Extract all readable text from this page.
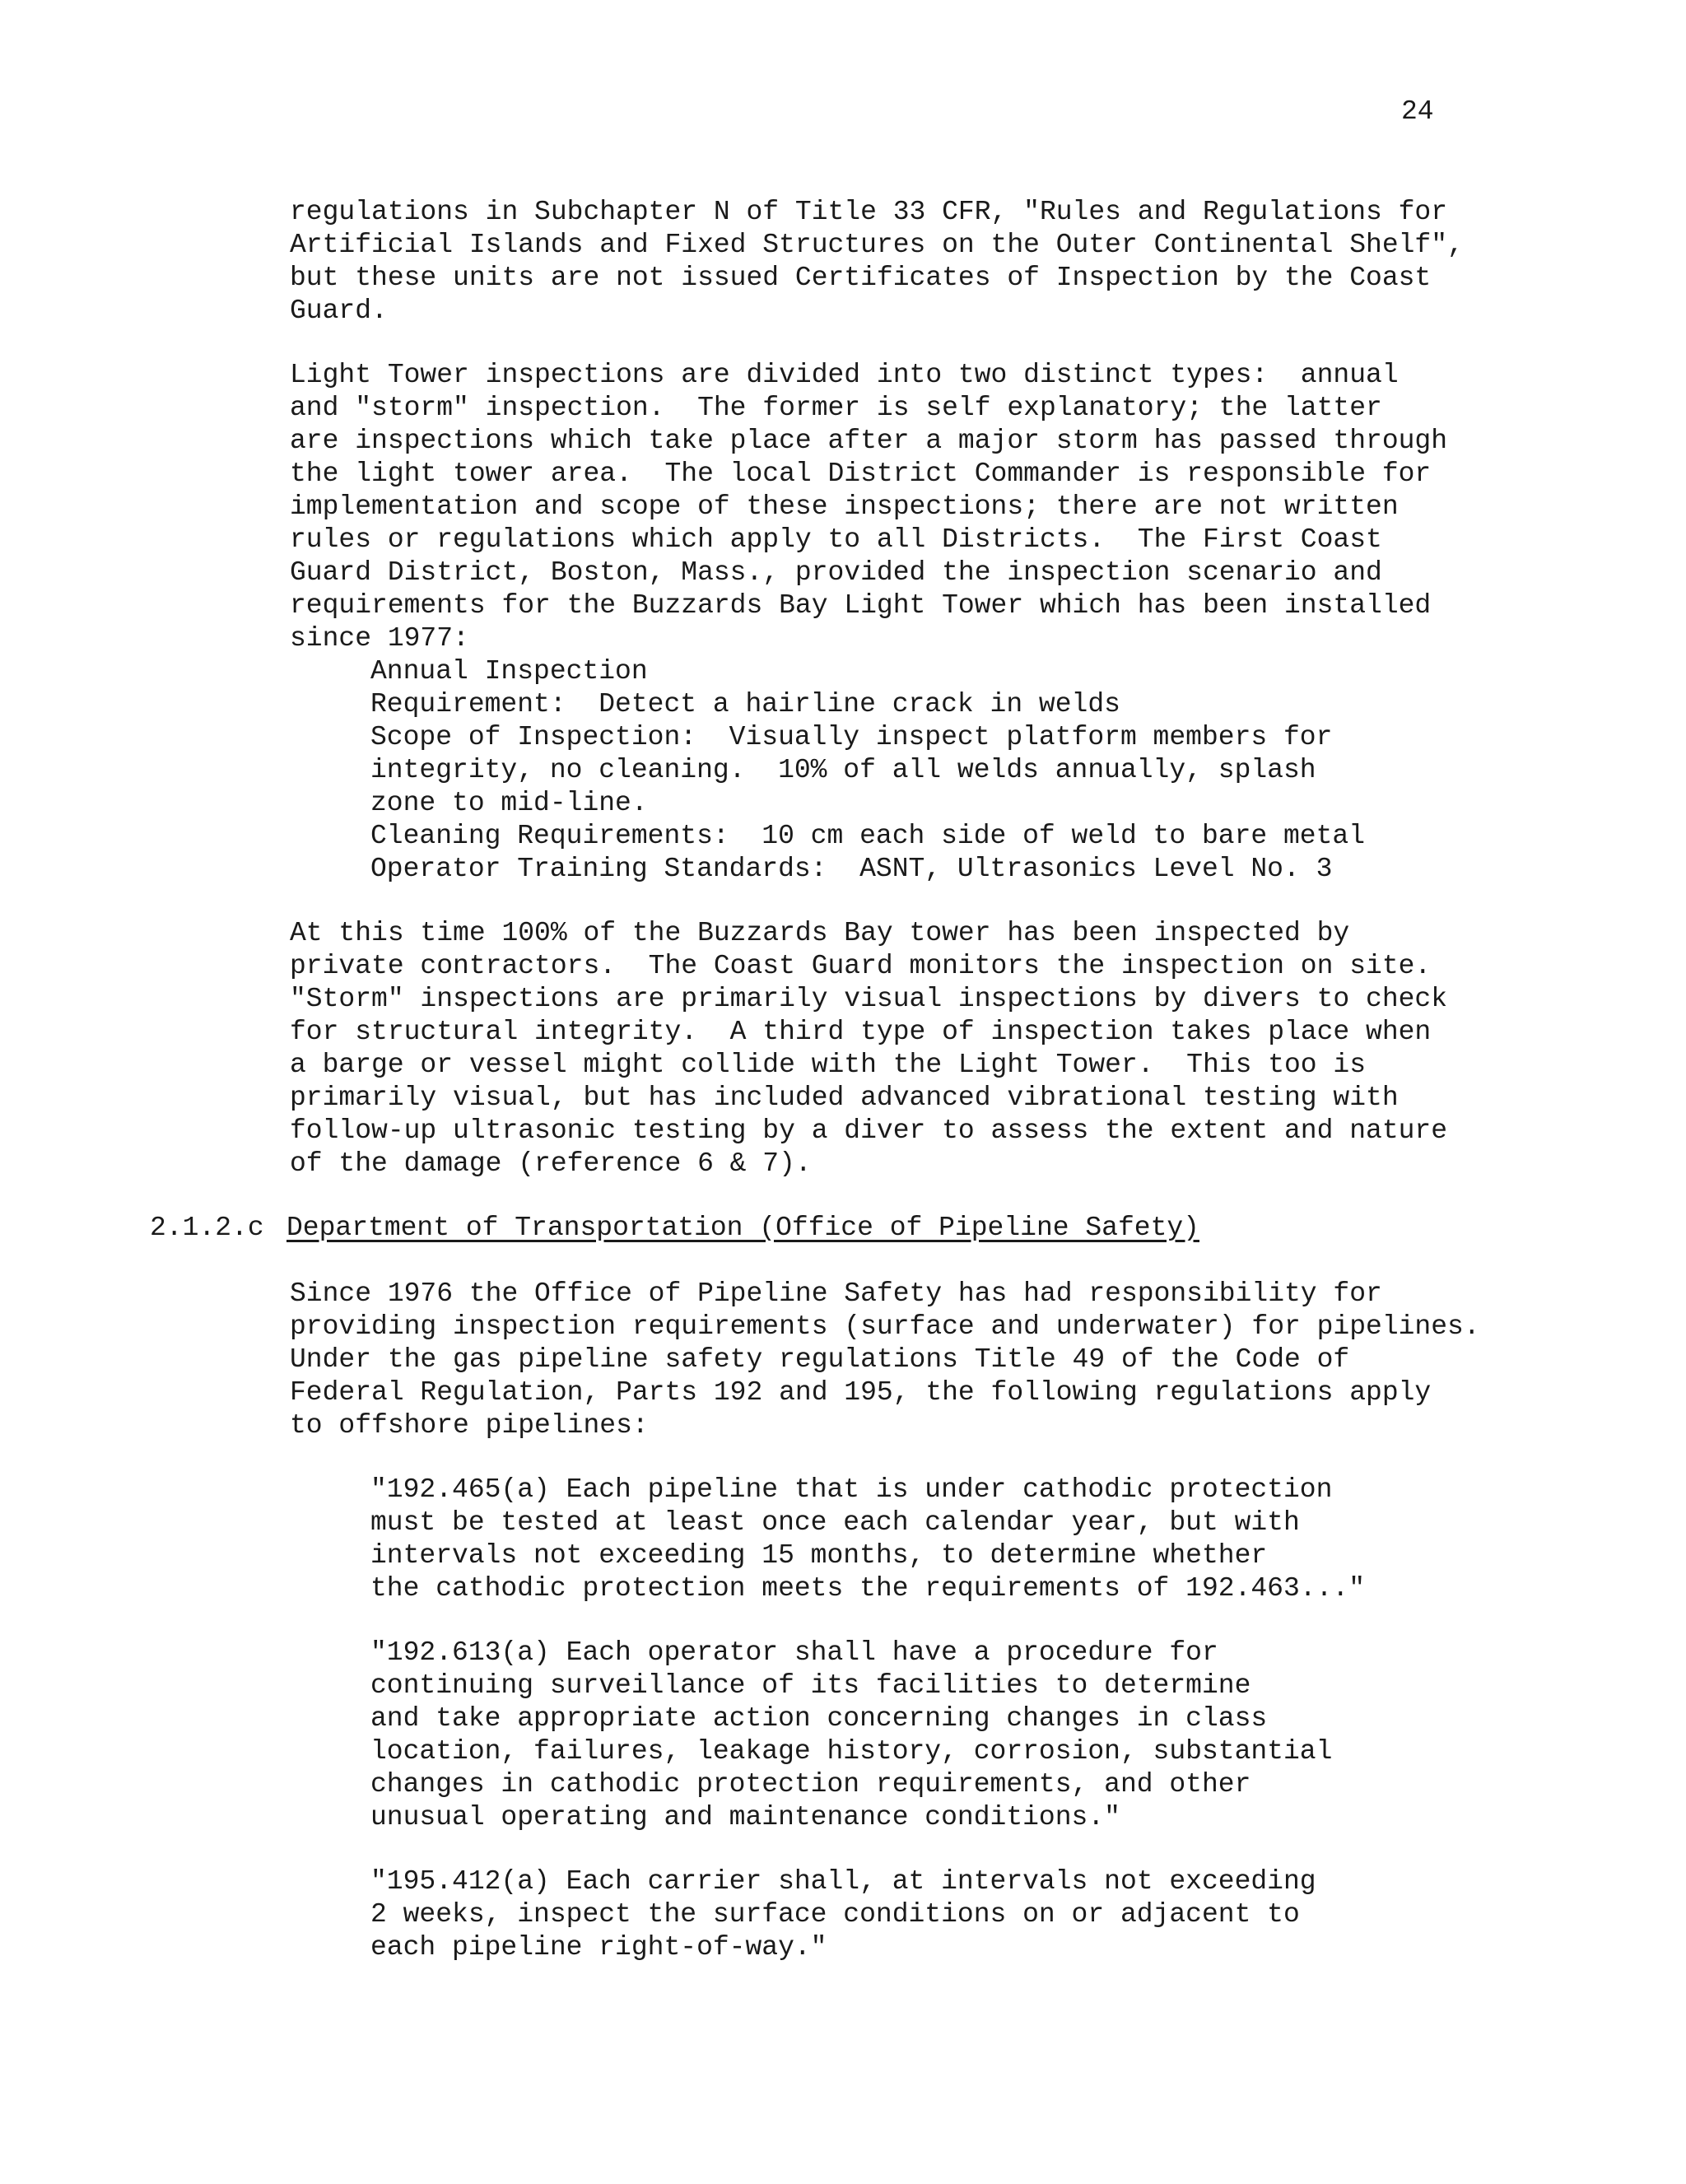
24
regulations in Subchapter N of Title 33 CFR, "Rules and Regulations for
Artificial Islands and Fixed Structures on the Outer Continental Shelf",
but these units are not issued Certificates of Inspection by the Coast
Guard.
Light Tower inspections are divided into two distinct types:  annual
and "storm" inspection.  The former is self explanatory; the latter
are inspections which take place after a major storm has passed through
the light tower area.  The local District Commander is responsible for
implementation and scope of these inspections; there are not written
rules or regulations which apply to all Districts.  The First Coast
Guard District, Boston, Mass., provided the inspection scenario and
requirements for the Buzzards Bay Light Tower which has been installed
since 1977:
Annual Inspection
Requirement:  Detect a hairline crack in welds
Scope of Inspection:  Visually inspect platform members for
integrity, no cleaning.  10% of all welds annually, splash
zone to mid-line.
Cleaning Requirements:  10 cm each side of weld to bare metal
Operator Training Standards:  ASNT, Ultrasonics Level No. 3
At this time 100% of the Buzzards Bay tower has been inspected by
private contractors.  The Coast Guard monitors the inspection on site.
"Storm" inspections are primarily visual inspections by divers to check
for structural integrity.  A third type of inspection takes place when
a barge or vessel might collide with the Light Tower.  This too is
primarily visual, but has included advanced vibrational testing with
follow-up ultrasonic testing by a diver to assess the extent and nature
of the damage (reference 6 & 7).
2.1.2.c Department of Transportation (Office of Pipeline Safety)
Since 1976 the Office of Pipeline Safety has had responsibility for
providing inspection requirements (surface and underwater) for pipelines.
Under the gas pipeline safety regulations Title 49 of the Code of
Federal Regulation, Parts 192 and 195, the following regulations apply
to offshore pipelines:
"192.465(a) Each pipeline that is under cathodic protection
must be tested at least once each calendar year, but with
intervals not exceeding 15 months, to determine whether
the cathodic protection meets the requirements of 192.463..."
"192.613(a) Each operator shall have a procedure for
continuing surveillance of its facilities to determine
and take appropriate action concerning changes in class
location, failures, leakage history, corrosion, substantial
changes in cathodic protection requirements, and other
unusual operating and maintenance conditions."
"195.412(a) Each carrier shall, at intervals not exceeding
2 weeks, inspect the surface conditions on or adjacent to
each pipeline right-of-way."
